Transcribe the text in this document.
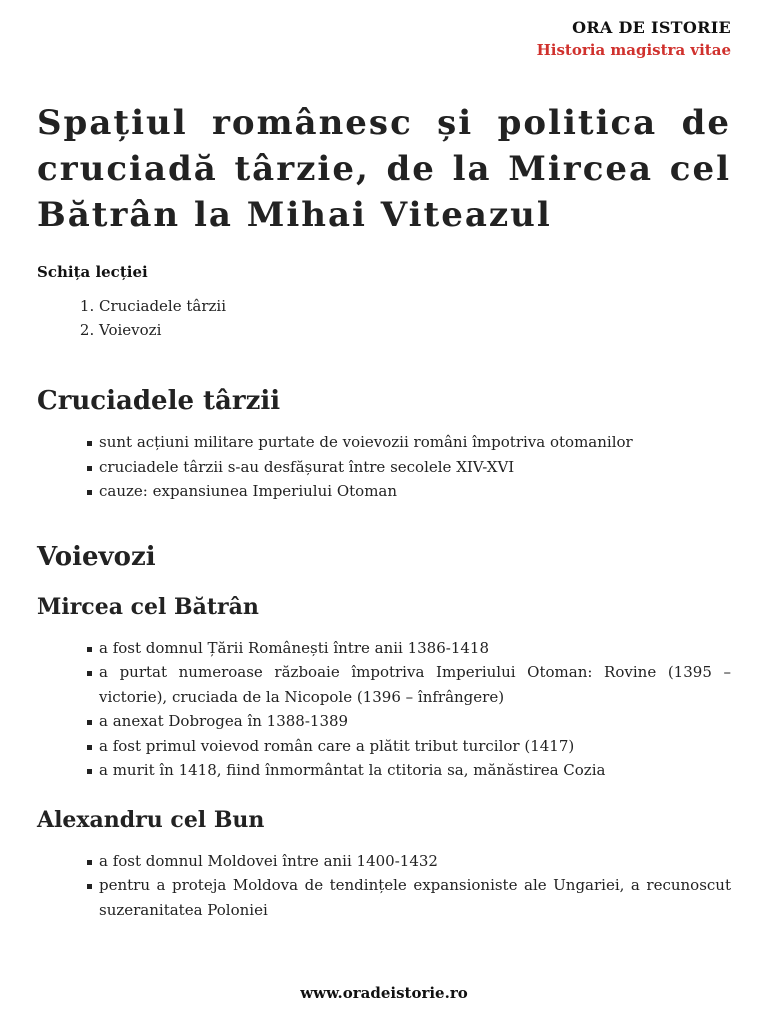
ORA DE ISTORIE
Historia magistra vitae
Spațiul românesc și politica de cruciadă târzie, de la Mircea cel Bătrân la Mihai Viteazul
Schița lecției
1. Cruciadele târzii
2. Voievozi
Cruciadele târzii
sunt acțiuni militare purtate de voievozii români împotriva otomanilor
cruciadele târzii s-au desfășurat între secolele XIV-XVI
cauze: expansiunea Imperiului Otoman
Voievozi
Mircea cel Bătrân
a fost domnul Țării Românești între anii 1386-1418
a purtat numeroase războaie împotriva Imperiului Otoman: Rovine (1395 – victorie), cruciada de la Nicopole (1396 – înfrângere)
a anexat Dobrogea în 1388-1389
a fost primul voievod român care a plătit tribut turcilor (1417)
a murit în 1418, fiind înmormântat la ctitoria sa, mănăstirea Cozia
Alexandru cel Bun
a fost domnul Moldovei între anii 1400-1432
pentru a proteja Moldova de tendințele expansioniste ale Ungariei, a recunoscut suzeranitatea Poloniei
www.oradeistorie.ro
